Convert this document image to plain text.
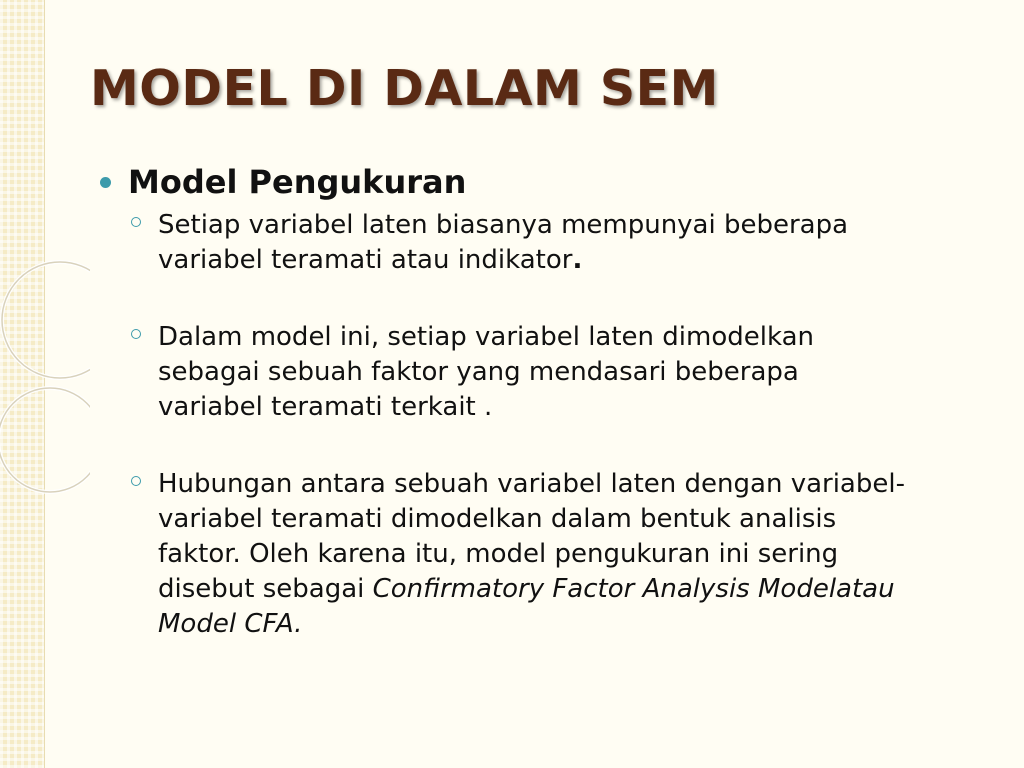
MODEL DI DALAM SEM
Model Pengukuran
Setiap variabel laten biasanya mempunyai beberapa
variabel teramati atau indikator.
Dalam model ini, setiap variabel laten dimodelkan
sebagai sebuah faktor yang mendasari beberapa
variabel teramati terkait .
Hubungan antara sebuah variabel laten dengan variabel-
variabel teramati dimodelkan dalam bentuk analisis
faktor. Oleh karena itu, model pengukuran ini sering
disebut sebagai Confirmatory Factor Analysis Modelatau
Model CFA.
